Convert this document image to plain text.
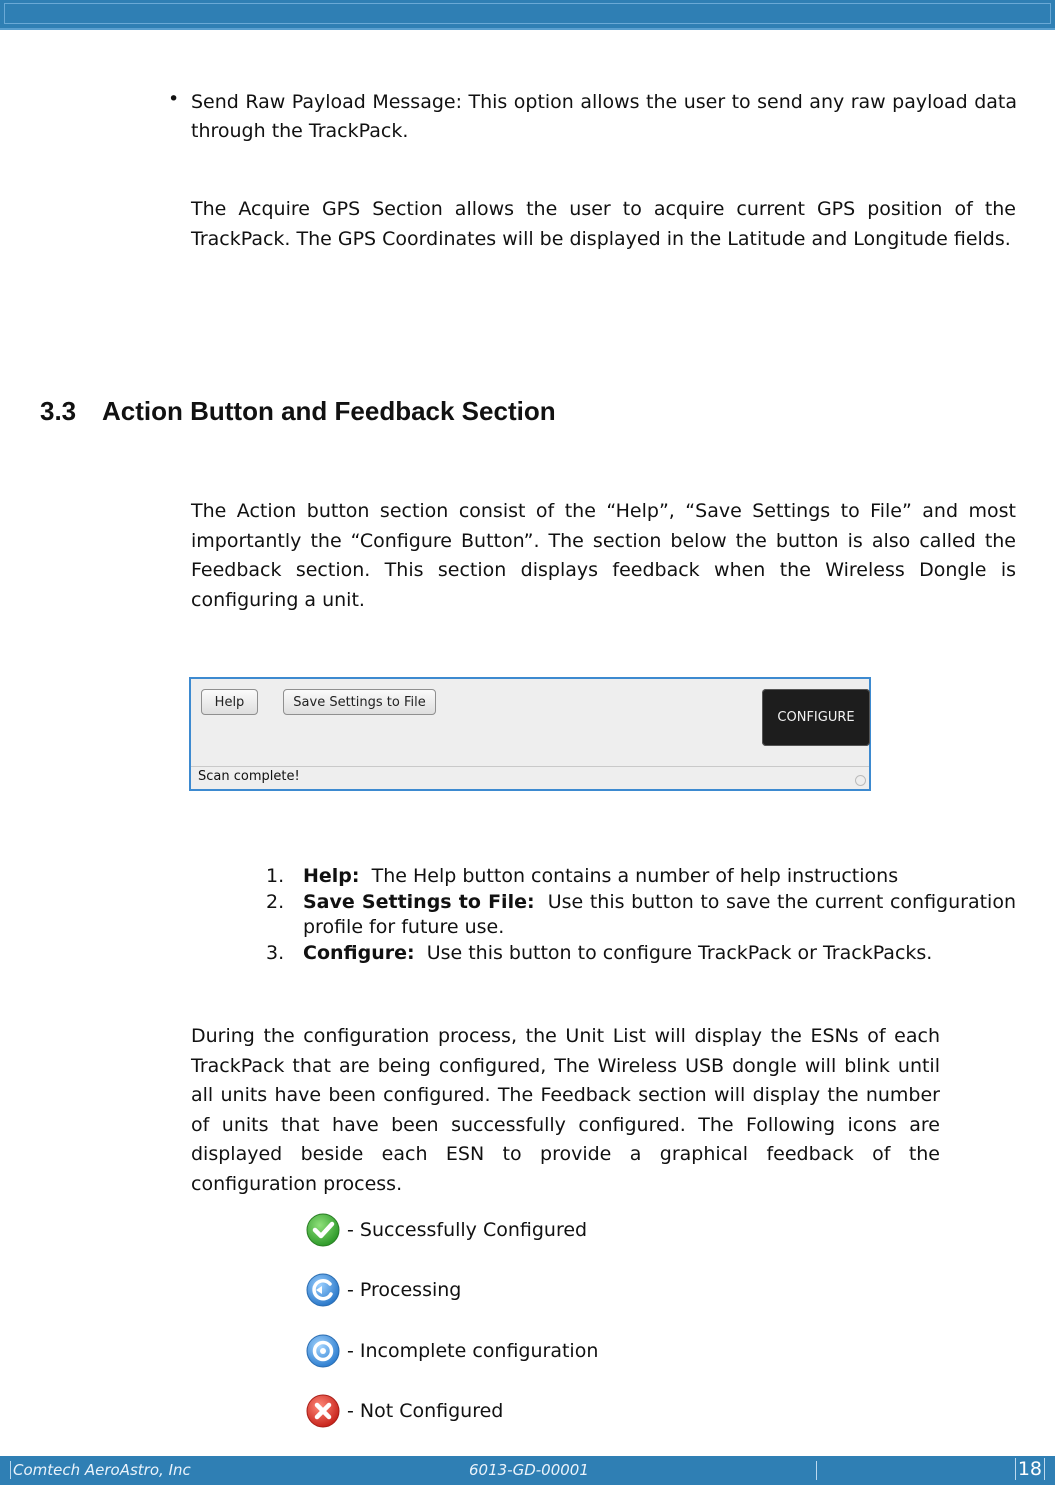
• Send Raw Payload Message: This option allows the user to send any raw payload data through the TrackPack.
The Acquire GPS Section allows the user to acquire current GPS position of the TrackPack. The GPS Coordinates will be displayed in the Latitude and Longitude fields.
3.3 Action Button and Feedback Section
The Action button section consist of the “Help”, “Save Settings to File” and most importantly the “Configure Button”. The section below the button is also called the Feedback section. This section displays feedback when the Wireless Dongle is configuring a unit.
Help	Save Settings to File
CONFIGURE
Scan complete!
1. Help: The Help button contains a number of help instructions
2. Save Settings to File: Use this button to save the current configuration profile for future use.
3. Configure: Use this button to configure TrackPack or TrackPacks.
During the configuration process, the Unit List will display the ESNs of each TrackPack that are being configured, The Wireless USB dongle will blink until all units have been configured. The Feedback section will display the number of units that have been successfully configured. The Following icons are displayed beside each ESN to provide a graphical feedback of the configuration process.
- Successfully Configured
- Processing
- Incomplete configuration
- Not Configured
Comtech AeroAstro, Inc	6013-GD-00001	18
